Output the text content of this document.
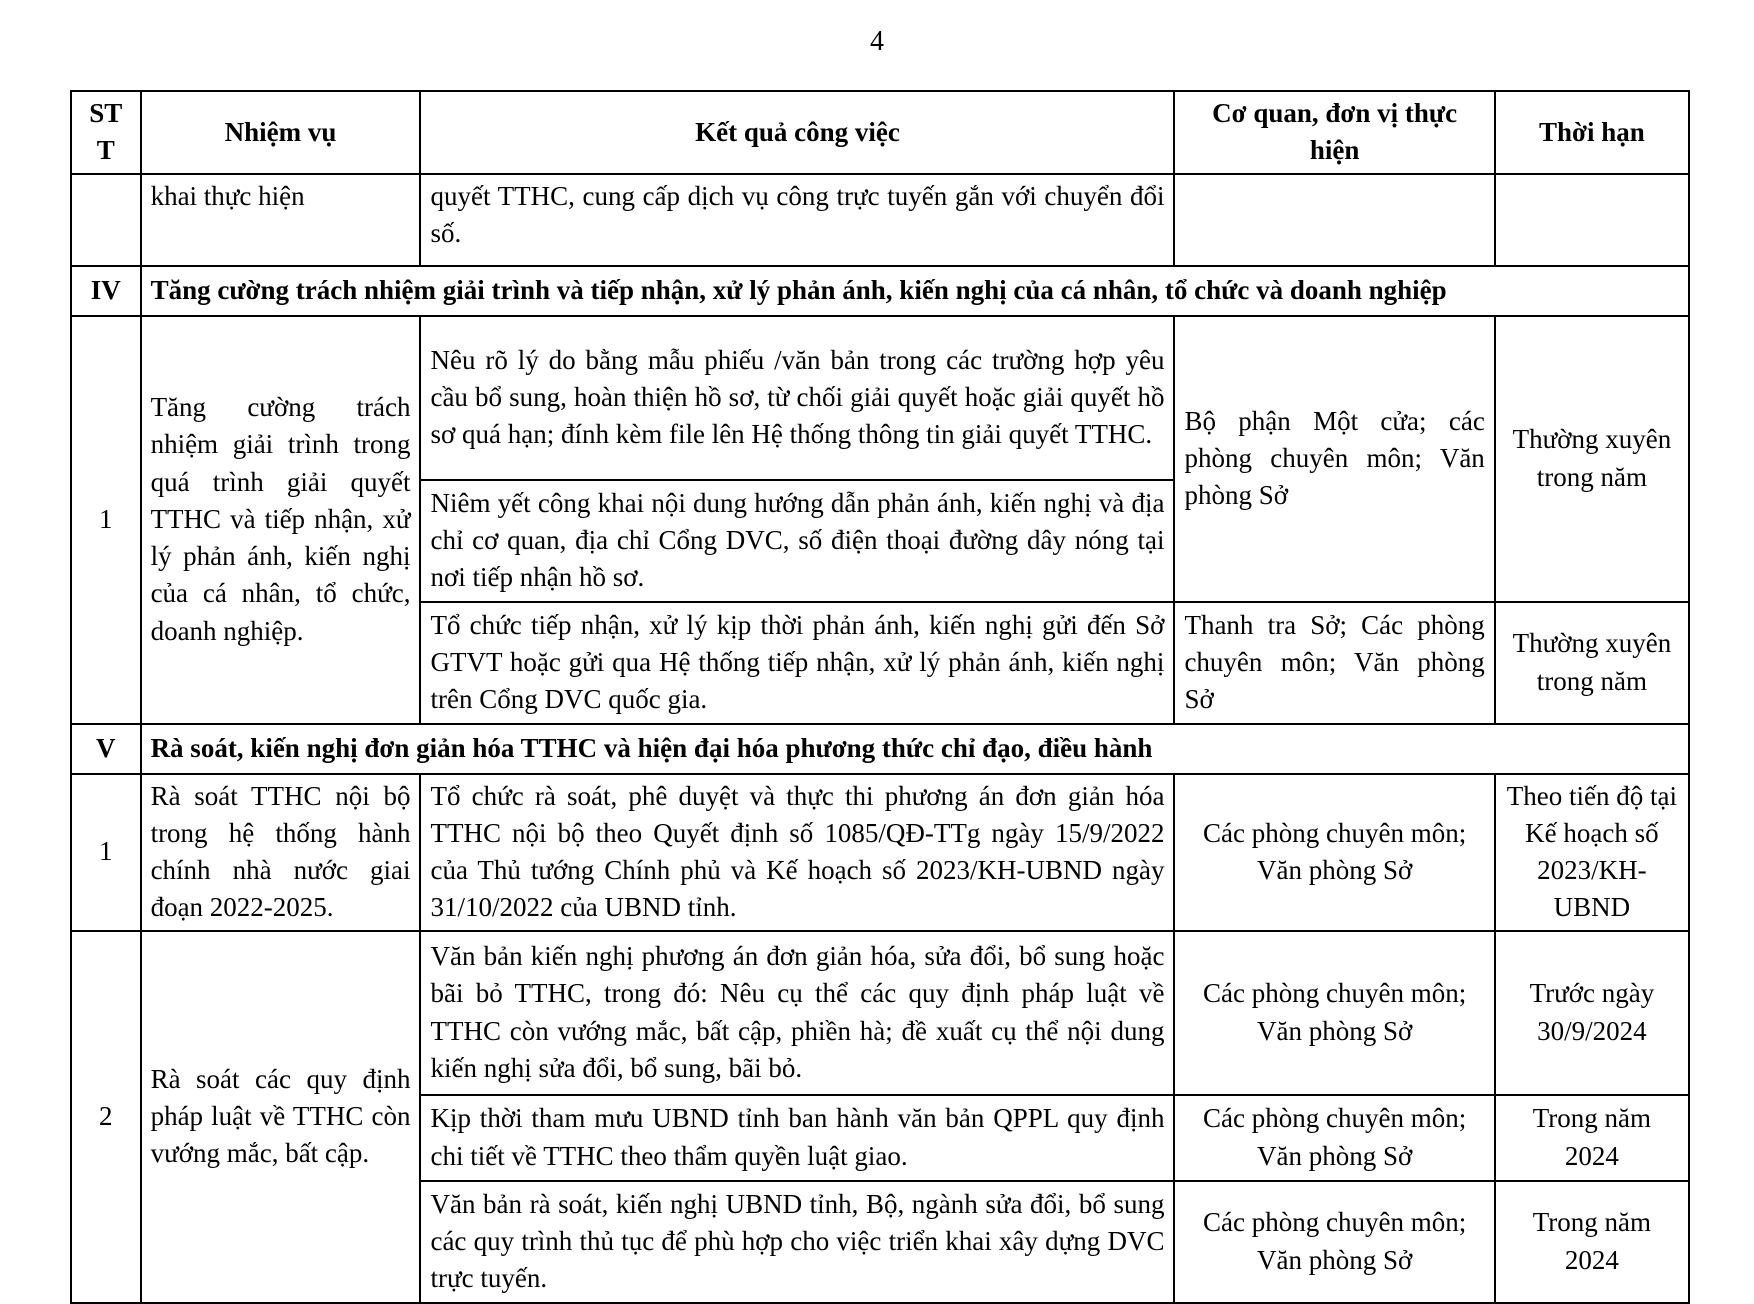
4
STT	Nhiệm vụ	Kết quả công việc	Cơ quan, đơn vị thực hiện	Thời hạn
	khai thực hiện	quyết TTHC, cung cấp dịch vụ công trực tuyến gắn với chuyển đổi số.		
IV	Tăng cường trách nhiệm giải trình và tiếp nhận, xử lý phản ánh, kiến nghị của cá nhân, tổ chức và doanh nghiệp			
1	Tăng cường trách nhiệm giải trình trong quá trình giải quyết TTHC và tiếp nhận, xử lý phản ánh, kiến nghị của cá nhân, tổ chức, doanh nghiệp.	Nêu rõ lý do bằng mẫu phiếu /văn bản trong các trường hợp yêu cầu bổ sung, hoàn thiện hồ sơ, từ chối giải quyết hoặc giải quyết hồ sơ quá hạn; đính kèm file lên Hệ thống thông tin giải quyết TTHC.	Bộ phận Một cửa; các phòng chuyên môn; Văn phòng Sở	Thường xuyên trong năm
		Niêm yết công khai nội dung hướng dẫn phản ánh, kiến nghị và địa chỉ cơ quan, địa chỉ Cổng DVC, số điện thoại đường dây nóng tại nơi tiếp nhận hồ sơ.		
		Tổ chức tiếp nhận, xử lý kịp thời phản ánh, kiến nghị gửi đến Sở GTVT hoặc gửi qua Hệ thống tiếp nhận, xử lý phản ánh, kiến nghị trên Cổng DVC quốc gia.	Thanh tra Sở; Các phòng chuyên môn; Văn phòng Sở	Thường xuyên trong năm
V	Rà soát, kiến nghị đơn giản hóa TTHC và hiện đại hóa phương thức chỉ đạo, điều hành			
1	Rà soát TTHC nội bộ trong hệ thống hành chính nhà nước giai đoạn 2022-2025.	Tổ chức rà soát, phê duyệt và thực thi phương án đơn giản hóa TTHC nội bộ theo Quyết định số 1085/QĐ-TTg ngày 15/9/2022 của Thủ tướng Chính phủ và Kế hoạch số 2023/KH-UBND ngày 31/10/2022 của UBND tỉnh.	Các phòng chuyên môn; Văn phòng Sở	Theo tiến độ tại Kế hoạch số 2023/KH-UBND
2	Rà soát các quy định pháp luật về TTHC còn vướng mắc, bất cập.	Văn bản kiến nghị phương án đơn giản hóa, sửa đổi, bổ sung hoặc bãi bỏ TTHC, trong đó: Nêu cụ thể các quy định pháp luật về TTHC còn vướng mắc, bất cập, phiền hà; đề xuất cụ thể nội dung kiến nghị sửa đổi, bổ sung, bãi bỏ.	Các phòng chuyên môn; Văn phòng Sở	Trước ngày 30/9/2024
		Kịp thời tham mưu UBND tỉnh ban hành văn bản QPPL quy định chi tiết về TTHC theo thẩm quyền luật giao.	Các phòng chuyên môn; Văn phòng Sở	Trong năm 2024
		Văn bản rà soát, kiến nghị UBND tỉnh, Bộ, ngành sửa đổi, bổ sung các quy trình thủ tục để phù hợp cho việc triển khai xây dựng DVC trực tuyến.	Các phòng chuyên môn; Văn phòng Sở	Trong năm 2024
